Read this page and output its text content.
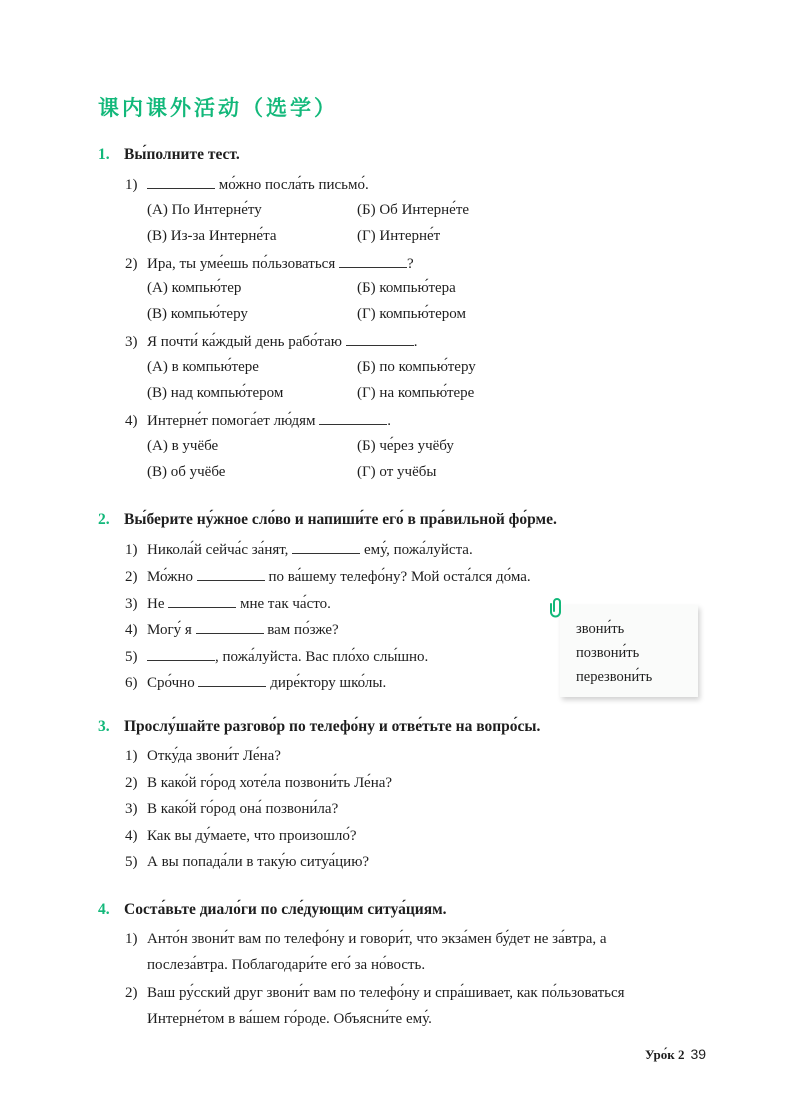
课内课外活动（选学）
1. Вы́полните тест.
1)	мо́жно посла́ть письмо́.
(А) По Интерне́ту	(Б) Об Интерне́те
(В) Из-за Интерне́та	(Г) Интерне́т
2) Ира, ты уме́ешь по́льзоваться	?
(А) компью́тер	(Б) компью́тера
(В) компью́теру	(Г) компью́тером
3) Я почти́ ка́ждый день рабо́таю	.
(А) в компью́тере	(Б) по компью́теру
(В) над компью́тером	(Г) на компью́тере
4) Интерне́т помога́ет лю́дям	.
(А) в учёбе	(Б) че́рез учёбу
(В) об учёбе	(Г) от учёбы
2. Вы́берите ну́жное сло́во и напиши́те его́ в пра́вильной фо́рме.
1) Никола́й сейча́с за́нят,	ему́, пожа́луйста.
2) Мо́жно	по ва́шему телефо́ну? Мой оста́лся до́ма.
3) Не	мне так ча́сто.
4) Могу́ я	вам по́зже?
5)	, пожа́луйста. Вас пло́хо слы́шно.
6) Сро́чно	дире́ктору шко́лы.
звони́ть
позвони́ть
перезвони́ть
3. Прослу́шайте разгово́р по телефо́ну и отве́тьте на вопро́сы.
1) Отку́да звони́т Ле́на?
2) В како́й го́род хоте́ла позвони́ть Ле́на?
3) В како́й го́род она́ позвони́ла?
4) Как вы ду́маете, что произошло́?
5) А вы попада́ли в таку́ю ситуа́цию?
4. Соста́вьте диало́ги по сле́дующим ситуа́циям.
1) Анто́н звони́т вам по телефо́ну и говори́т, что экза́мен бу́дет не за́втра, а
послеза́втра. Поблагодари́те его́ за но́вость.
2) Ваш ру́сский друг звони́т вам по телефо́ну и спра́шивает, как по́льзоваться
Интерне́том в ва́шем го́роде. Объясни́те ему́.
Уро́к 2 39
